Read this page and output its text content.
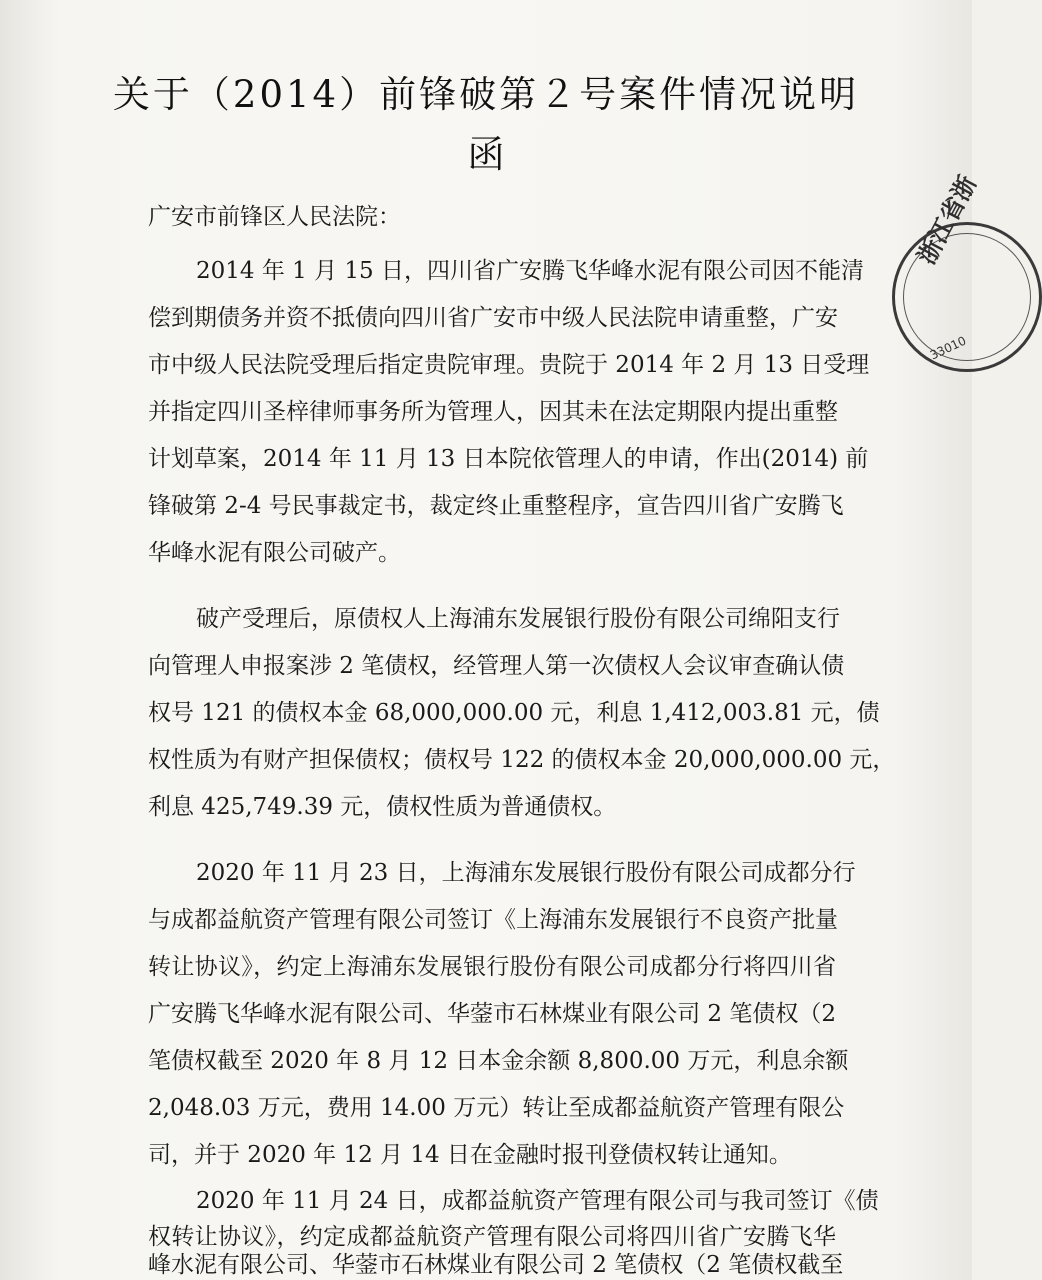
关于（2014）前锋破第２号案件情况说明
函
广安市前锋区人民法院：
2014 年 1 月 15 日，四川省广安腾飞华峰水泥有限公司因不能清
偿到期债务并资不抵债向四川省广安市中级人民法院申请重整，广安
市中级人民法院受理后指定贵院审理。贵院于 2014 年 2 月 13 日受理
并指定四川圣梓律师事务所为管理人，因其未在法定期限内提出重整
计划草案，2014 年 11 月 13 日本院依管理人的申请，作出(2014) 前
锋破第 2-4 号民事裁定书，裁定终止重整程序，宣告四川省广安腾飞
华峰水泥有限公司破产。
破产受理后，原债权人上海浦东发展银行股份有限公司绵阳支行
向管理人申报案涉 2 笔债权，经管理人第一次债权人会议审查确认债
权号 121 的债权本金 68,000,000.00 元，利息 1,412,003.81 元，债
权性质为有财产担保债权；债权号 122 的债权本金 20,000,000.00 元，
利息 425,749.39 元，债权性质为普通债权。
2020 年 11 月 23 日，上海浦东发展银行股份有限公司成都分行
与成都益航资产管理有限公司签订《上海浦东发展银行不良资产批量
转让协议》，约定上海浦东发展银行股份有限公司成都分行将四川省
广安腾飞华峰水泥有限公司、华蓥市石林煤业有限公司 2 笔债权（2
笔债权截至 2020 年 8 月 12 日本金余额 8,800.00 万元，利息余额
2,048.03 万元，费用 14.00 万元）转让至成都益航资产管理有限公
司，并于 2020 年 12 月 14 日在金融时报刊登债权转让通知。
2020 年 11 月 24 日，成都益航资产管理有限公司与我司签订《债
权转让协议》，约定成都益航资产管理有限公司将四川省广安腾飞华
峰水泥有限公司、华蓥市石林煤业有限公司 2 笔债权（2 笔债权截至
浙江省浙
33010
